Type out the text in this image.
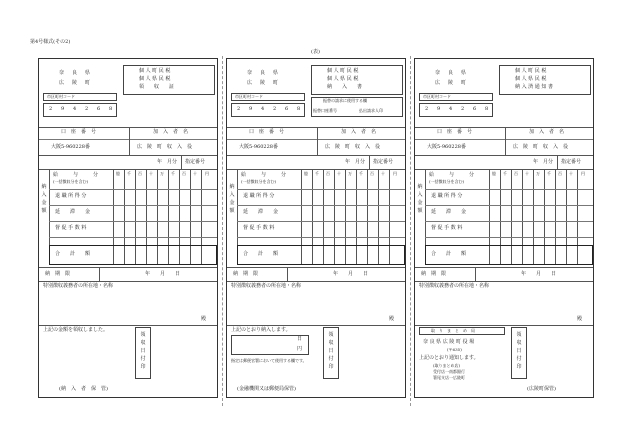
第4号様式(その2)
(表)
奈　良　県
広　陵　町
個 人 町 民 税
個 人 県 民 税
領　　収　　証
市区町村コード
2 9 4 2 6 8
口　座　番　号	加　入　者　名
大阪5-960228番	広　陵　町　収　入　役
年　月分 指定番号
納入金額
億 千 百 十 万 千 百 十 円
給　　　与　　　分
(一括徴収分を含む)
退 職 所 得 分
延　　滞　　金
督 促 手 数 料
合　　計　　額
納　期　限	年　　月　　日
特別徴収義務者の所在地・名称
殿
上記の金額を領収しました。
領収日付印
(納　入　者　保　管)
奈　良　県
広　陵　町
個 人 町 民 税
個 人 県 民 税
納　　入　　書
市区町村コード
2 9 4 2 6 8
振替の請求に使用する欄
振替口座番号	払出請求人印
口　座　番　号	加　入　者　名
大阪5-960228番	広　陵　町　収　入　役
年　月分 指定番号
納入金額
億 千 百 十 万 千 百 十 円
給　　　与　　　分
(一括徴収分を含む)
退 職 所 得 分
延　　滞　　金
督 促 手 数 料
合　　計　　額
納　期　限	年　　月　　日
特別徴収義務者の所在地・名称
殿
上記のとおり納入します。
日
円
指定は郵便官署において使用する欄です。
領収日付印
(金融機関又は郵便局保管)
奈　良　県
広　陵　町
個 人 町 民 税
個 人 県 民 税
納 入 済 通 知 書
市区町村コード
2 9 4 2 6 8
口　座　番　号	加　入　者　名
大阪5-960228番	広　陵　町　収　入　役
年　月分 指定番号
納入金額
億 千 百 十 万 千 百 十 円
給　　　与　　　分
(一括徴収分を含む)
退 職 所 得 分
延　　滞　　金
督 促 手 数 料
合　　計　　額
納　期　限	年　　月　　日
特別徴収義務者の所在地・名称
殿
取　り　ま　と　め　局
奈 良 県 広 陵 町 役 場
(〒635)
上記のとおり通知します。
(取りまとめ店)
受付店一南都銀行
箸尾支店一広陵町
領収日付印
(広陵町保管)
